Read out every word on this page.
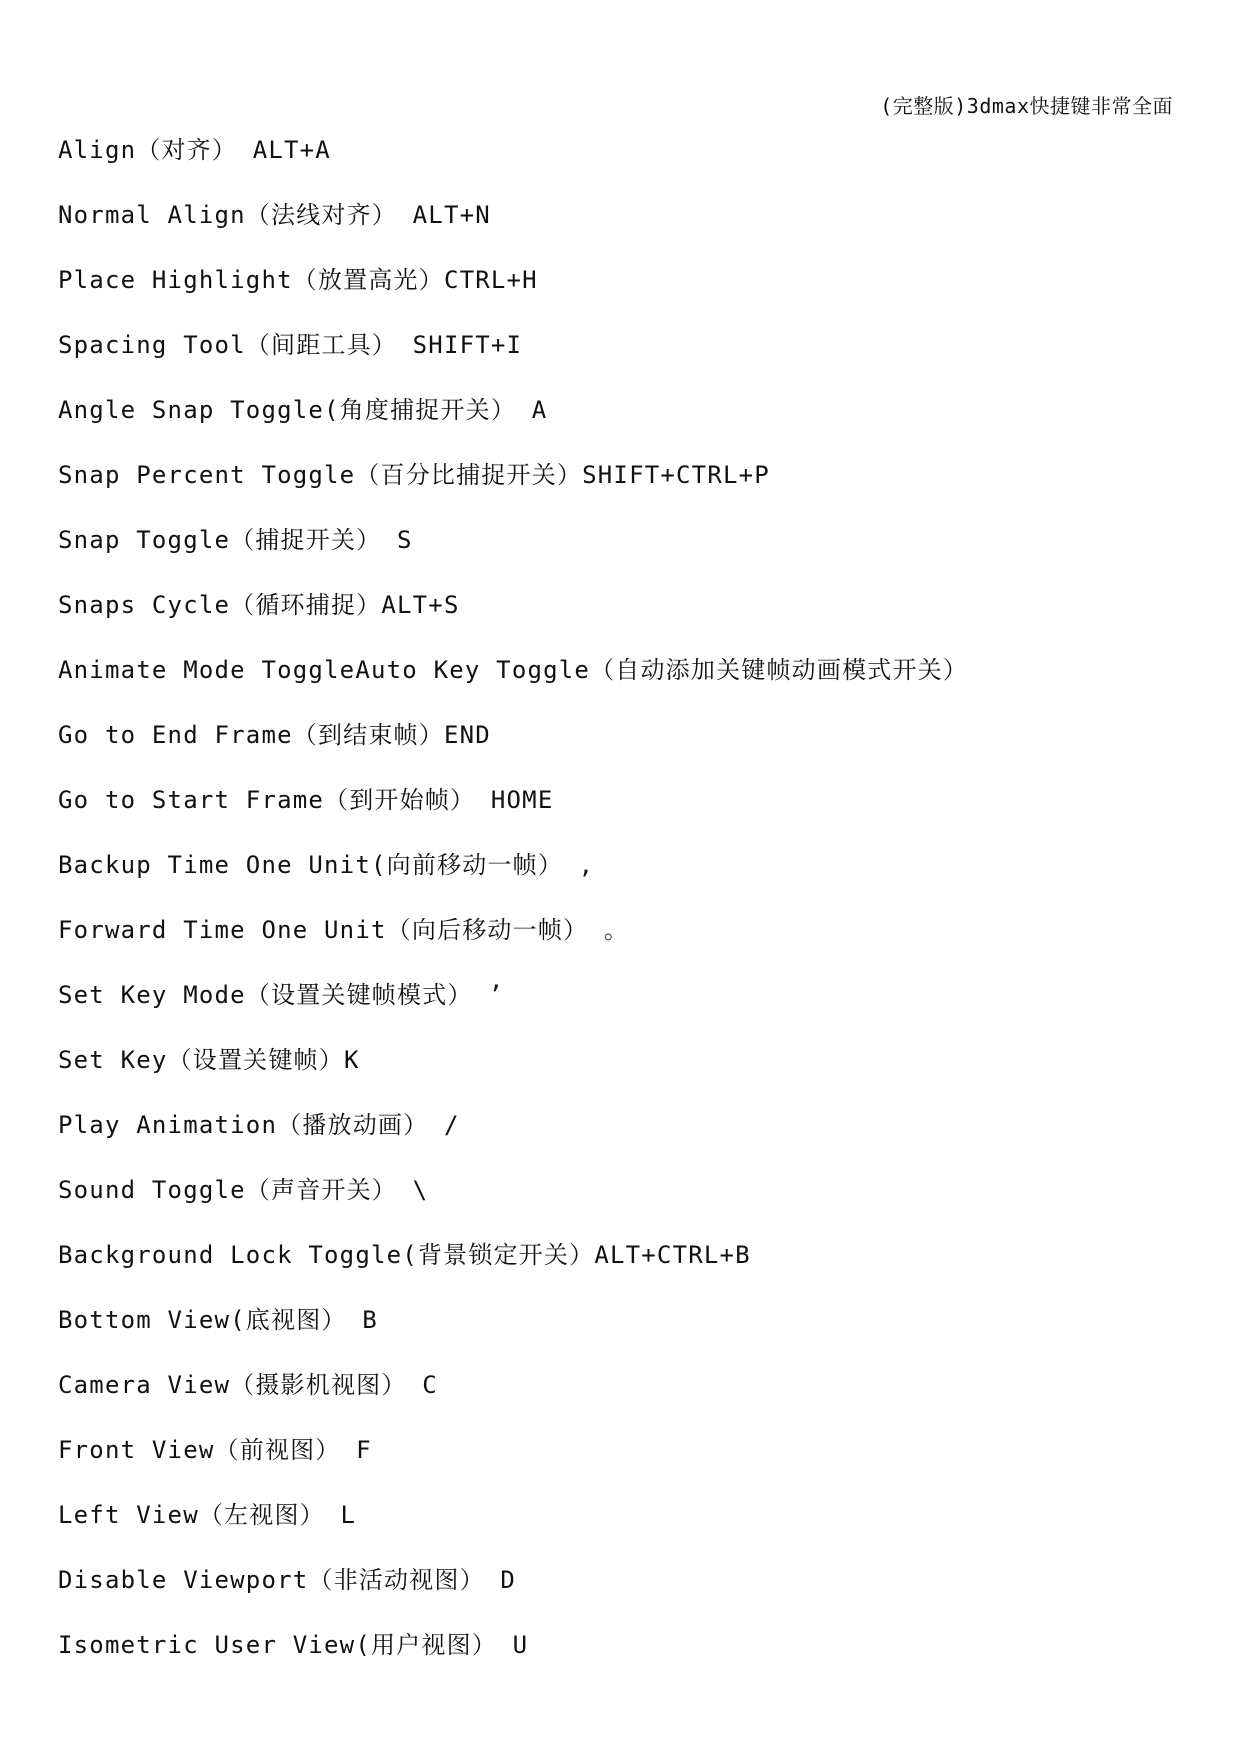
(完整版)3dmax快捷键非常全面
Align（对齐） ALT+A
Normal Align（法线对齐） ALT+N
Place Highlight（放置高光）CTRL+H
Spacing Tool（间距工具） SHIFT+I
Angle Snap Toggle(角度捕捉开关） A
Snap Percent Toggle（百分比捕捉开关）SHIFT+CTRL+P
Snap Toggle（捕捉开关） S
Snaps Cycle（循环捕捉）ALT+S
Animate Mode ToggleAuto Key Toggle（自动添加关键帧动画模式开关）
Go to End Frame（到结束帧）END
Go to Start Frame（到开始帧） HOME
Backup Time One Unit(向前移动一帧） ,
Forward Time One Unit（向后移动一帧） 。
Set Key Mode（设置关键帧模式） ’
Set Key（设置关键帧）K
Play Animation（播放动画） /
Sound Toggle（声音开关） \
Background Lock Toggle(背景锁定开关）ALT+CTRL+B
Bottom View(底视图） B
Camera View（摄影机视图） C
Front View（前视图） F
Left View（左视图） L
Disable Viewport（非活动视图） D
Isometric User View(用户视图） U
